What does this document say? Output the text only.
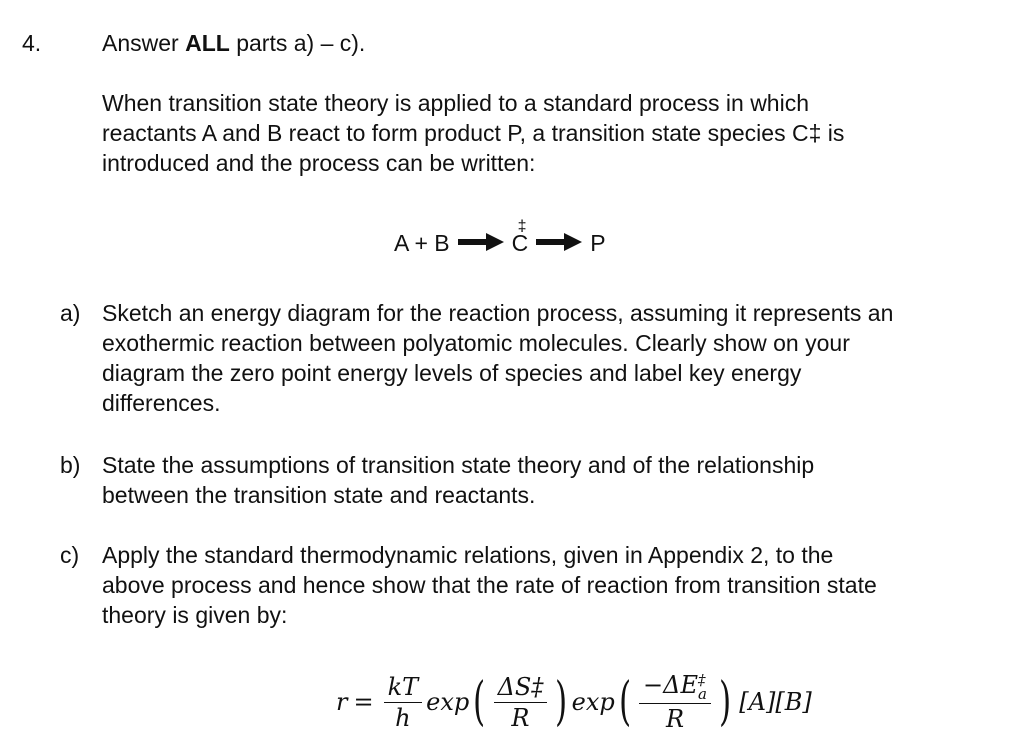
4.	Answer ALL parts a) – c).
When transition state theory is applied to a standard process in which
reactants A and B react to form product P, a transition state species C‡ is
introduced and the process can be written:
A + B → C
‡
→ P
a) Sketch an energy diagram for the reaction process, assuming it represents an
exothermic reaction between polyatomic molecules. Clearly show on your
diagram the zero point energy levels of species and label key energy
differences.
b) State the assumptions of transition state theory and of the relationship
between the transition state and reactants.
c) Apply the standard thermodynamic relations, given in Appendix 2, to the
above process and hence show that the rate of reaction from transition state
theory is given by:
$r = \frac{kT}{h}$ exp ( $\frac{\Delta S\ddagger}{R}$ ) exp ( −ΔE ‡
a
R ) [A][B]
